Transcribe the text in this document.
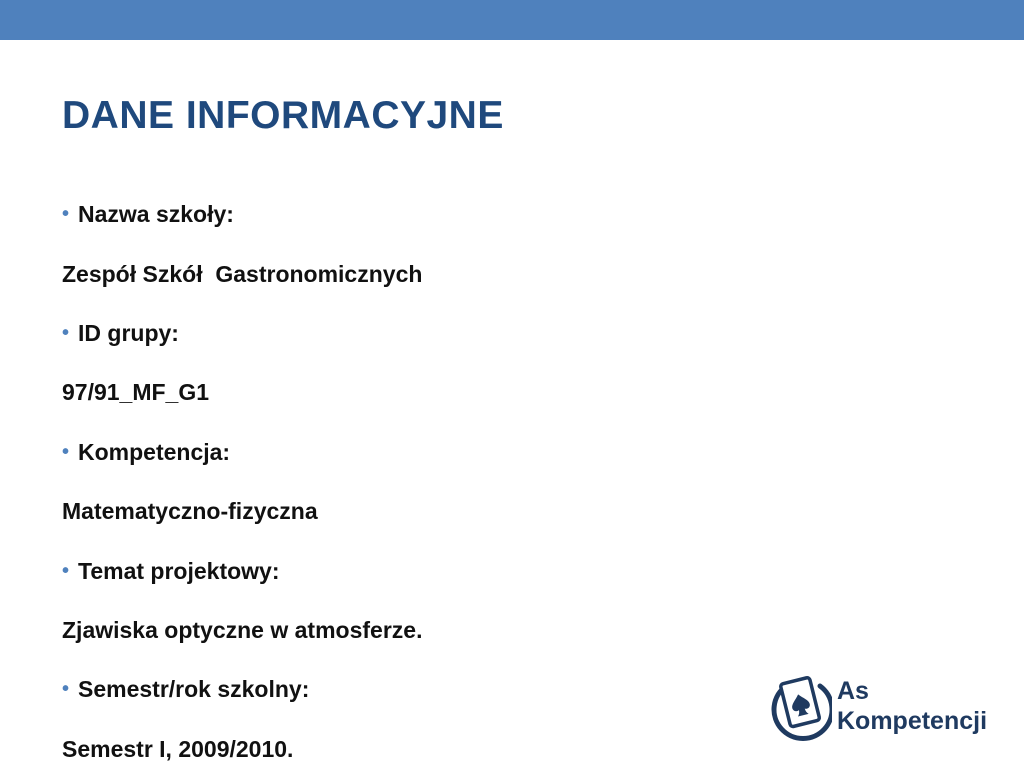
DANE INFORMACYJNE
• Nazwa szkoły:
Zespół Szkół  Gastronomicznych
• ID grupy:
97/91_MF_G1
• Kompetencja:
Matematyczno-fizyczna
• Temat projektowy:
Zjawiska optyczne w atmosferze.
• Semestr/rok szkolny:
Semestr I, 2009/2010.
As
Kompetencji
